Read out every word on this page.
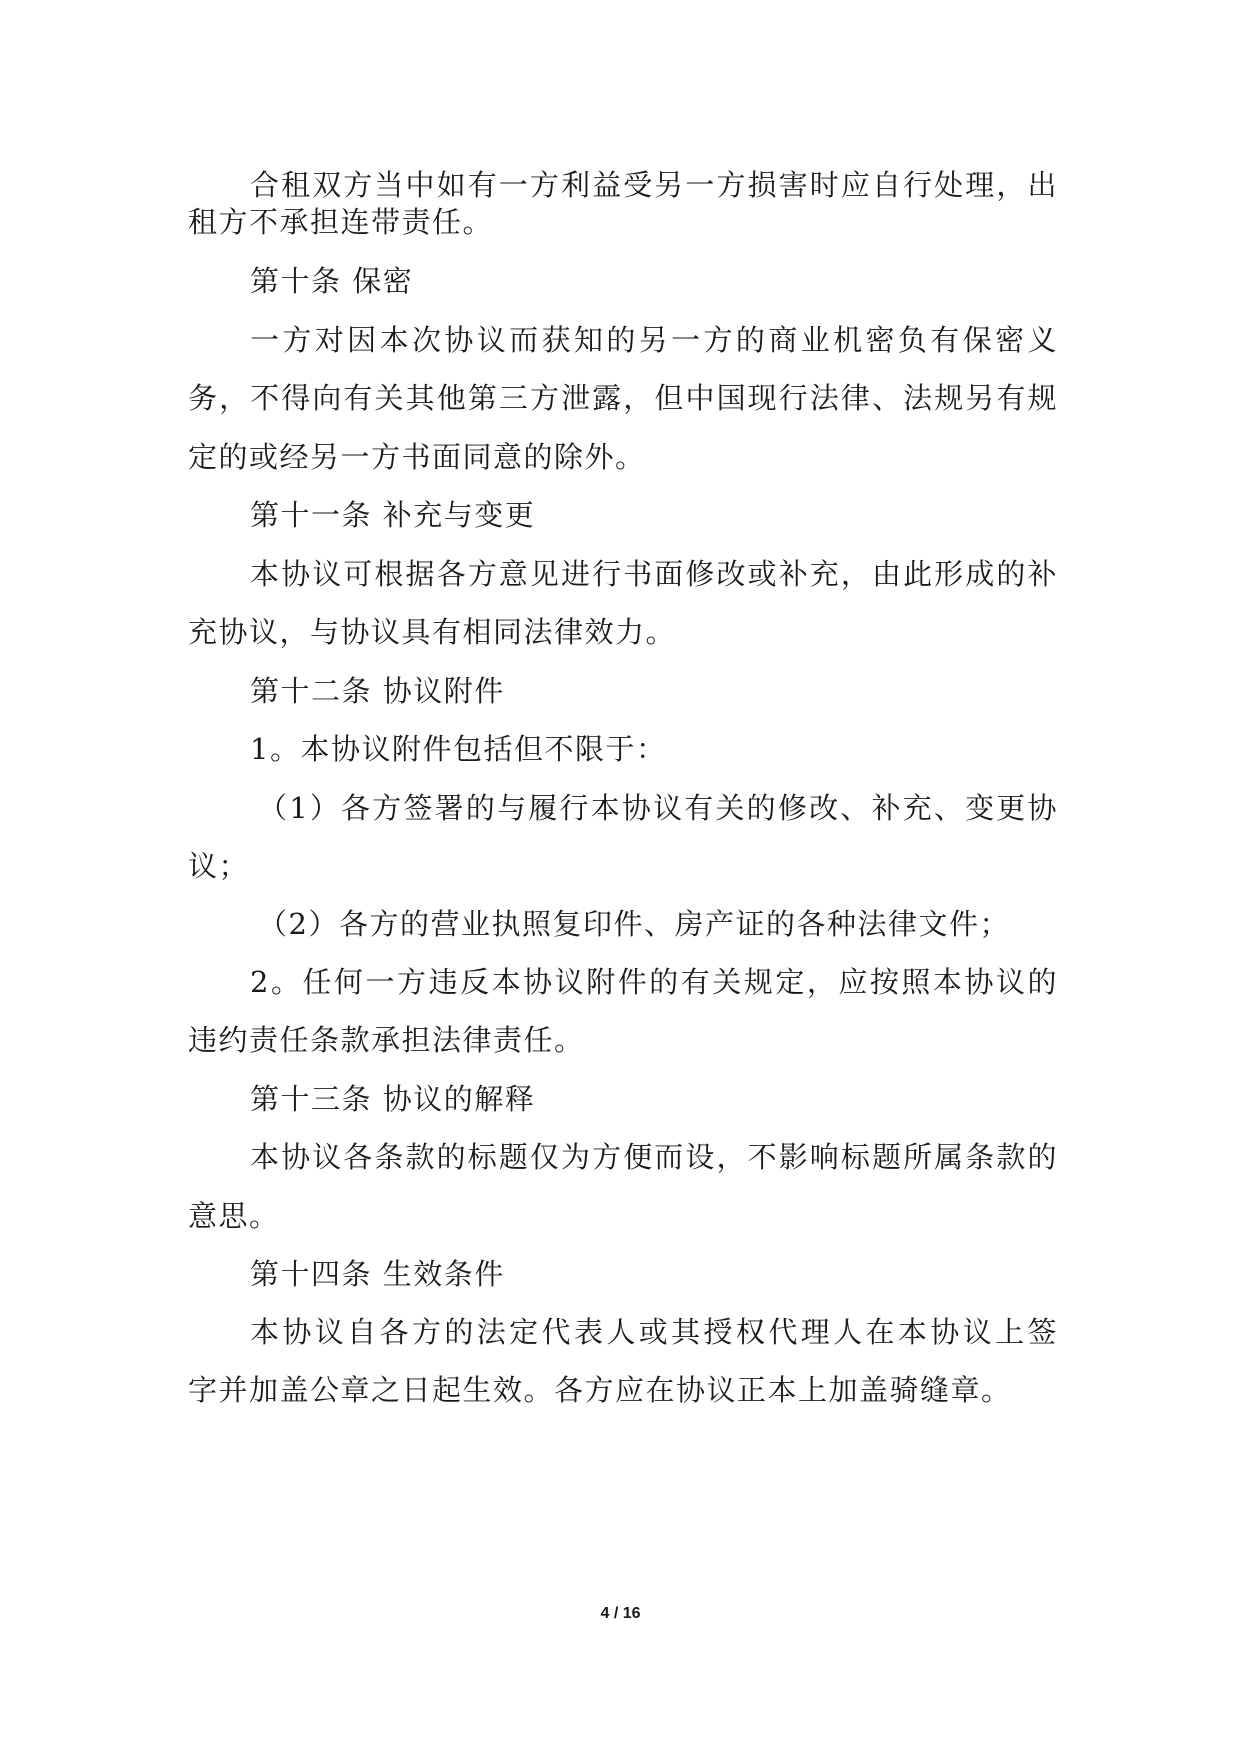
合租双方当中如有一方利益受另一方损害时应自行处理，出
租方不承担连带责任。
第十条 保密
一方对因本次协议而获知的另一方的商业机密负有保密义
务，不得向有关其他第三方泄露，但中国现行法律、法规另有规
定的或经另一方书面同意的除外。
第十一条 补充与变更
本协议可根据各方意见进行书面修改或补充，由此形成的补
充协议，与协议具有相同法律效力。
第十二条 协议附件
1。本协议附件包括但不限于：
（1）各方签署的与履行本协议有关的修改、补充、变更协
议；
（2）各方的营业执照复印件、房产证的各种法律文件；
2。任何一方违反本协议附件的有关规定，应按照本协议的
违约责任条款承担法律责任。
第十三条 协议的解释
本协议各条款的标题仅为方便而设，不影响标题所属条款的
意思。
第十四条 生效条件
本协议自各方的法定代表人或其授权代理人在本协议上签
字并加盖公章之日起生效。各方应在协议正本上加盖骑缝章。
4 / 16
